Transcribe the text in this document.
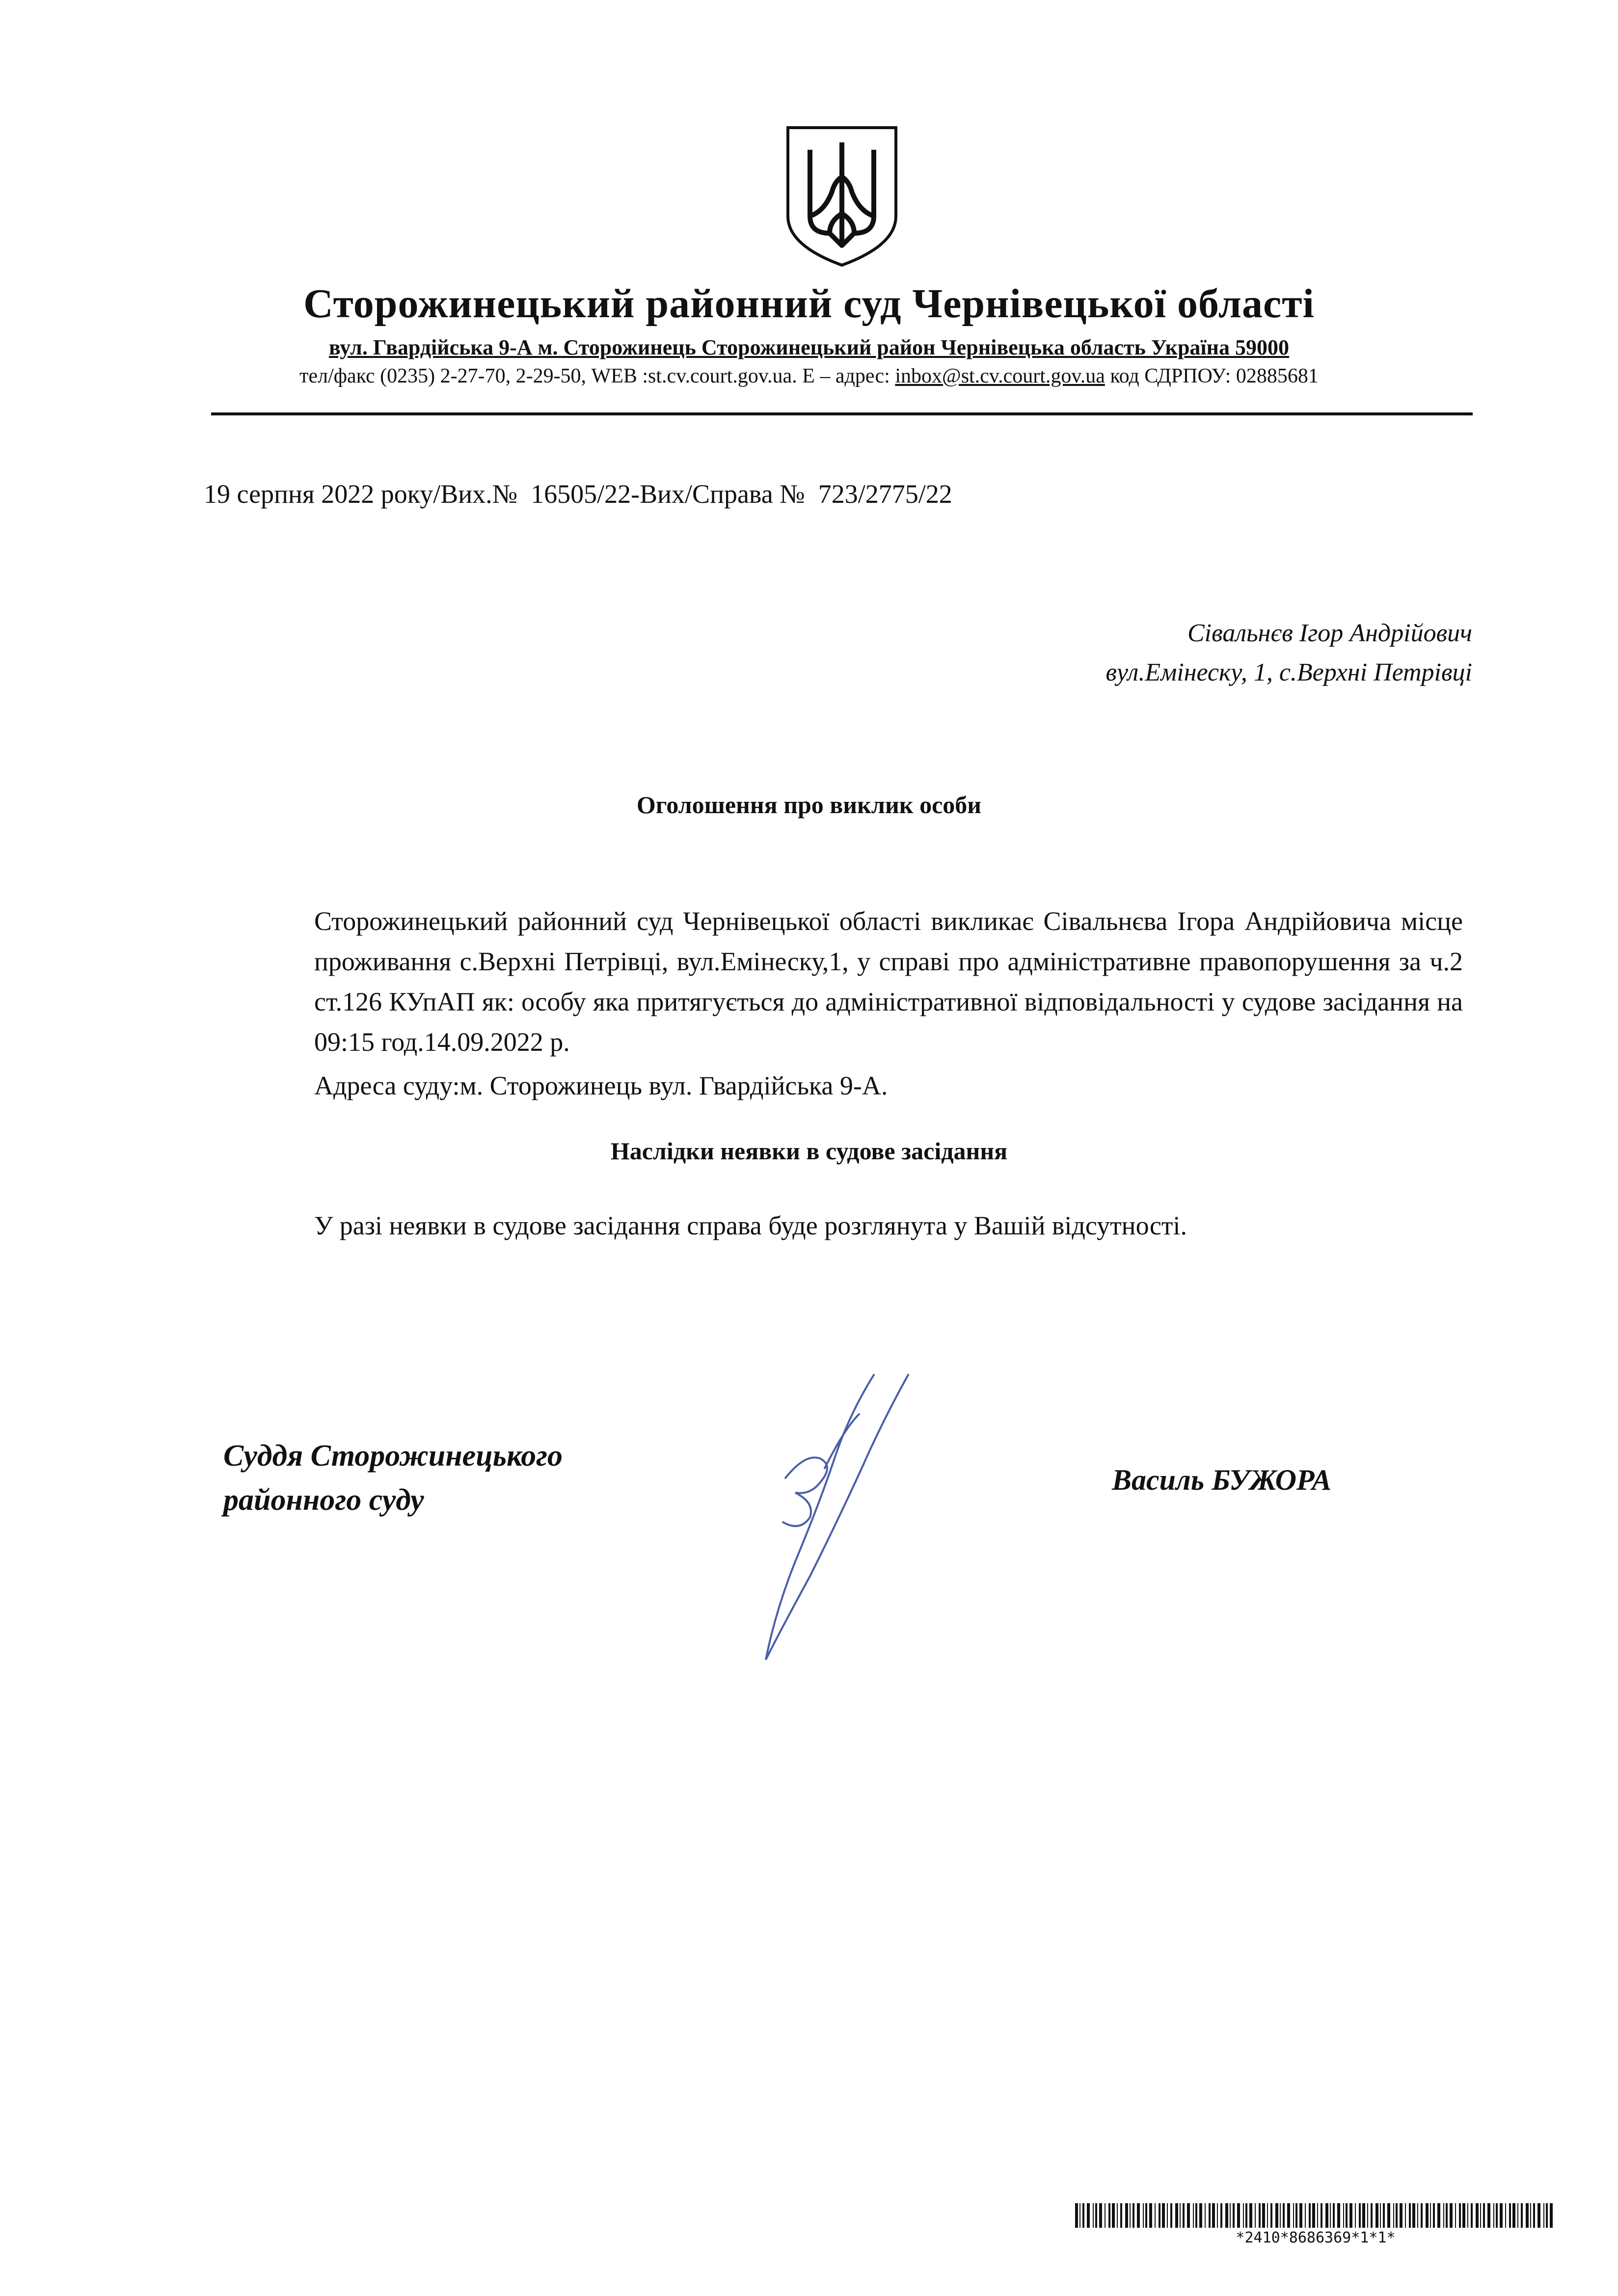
Сторожинецький районний суд Чернівецької області
вул. Гвардійська 9-А м. Сторожинець Сторожинецький район Чернівецька область Україна 59000
тел/факс (0235) 2-27-70, 2-29-50, WEB :st.cv.court.gov.ua. E – адрес: inbox@st.cv.court.gov.ua код СДРПОУ: 02885681
19 серпня 2022 року/Вих.№  16505/22-Вих/Справа №  723/2775/22
Сівальнєв Ігор Андрійович
вул.Емінеску, 1, с.Верхні Петрівці
Оголошення про виклик особи

Сторожинецький районний суд Чернівецької області викликає Сівальнєва Ігора Андрійовича місце проживання с.Верхні Петрівці, вул.Емінеску,1, у справі про адміністративне правопорушення за ч.2 ст.126 КУпАП як: особу яка притягується до адміністративної відповідальності у судове засідання на 09:15 год.14.09.2022 р.

Адреса суду:м. Сторожинець вул. Гвардійська 9-А.
Наслідки неявки в судове засідання
У разі неявки в судове засідання справа буде розглянута у Вашій відсутності.
Суддя Сторожинецького
районного суду
Василь БУЖОРА
*2410*8686369*1*1*
